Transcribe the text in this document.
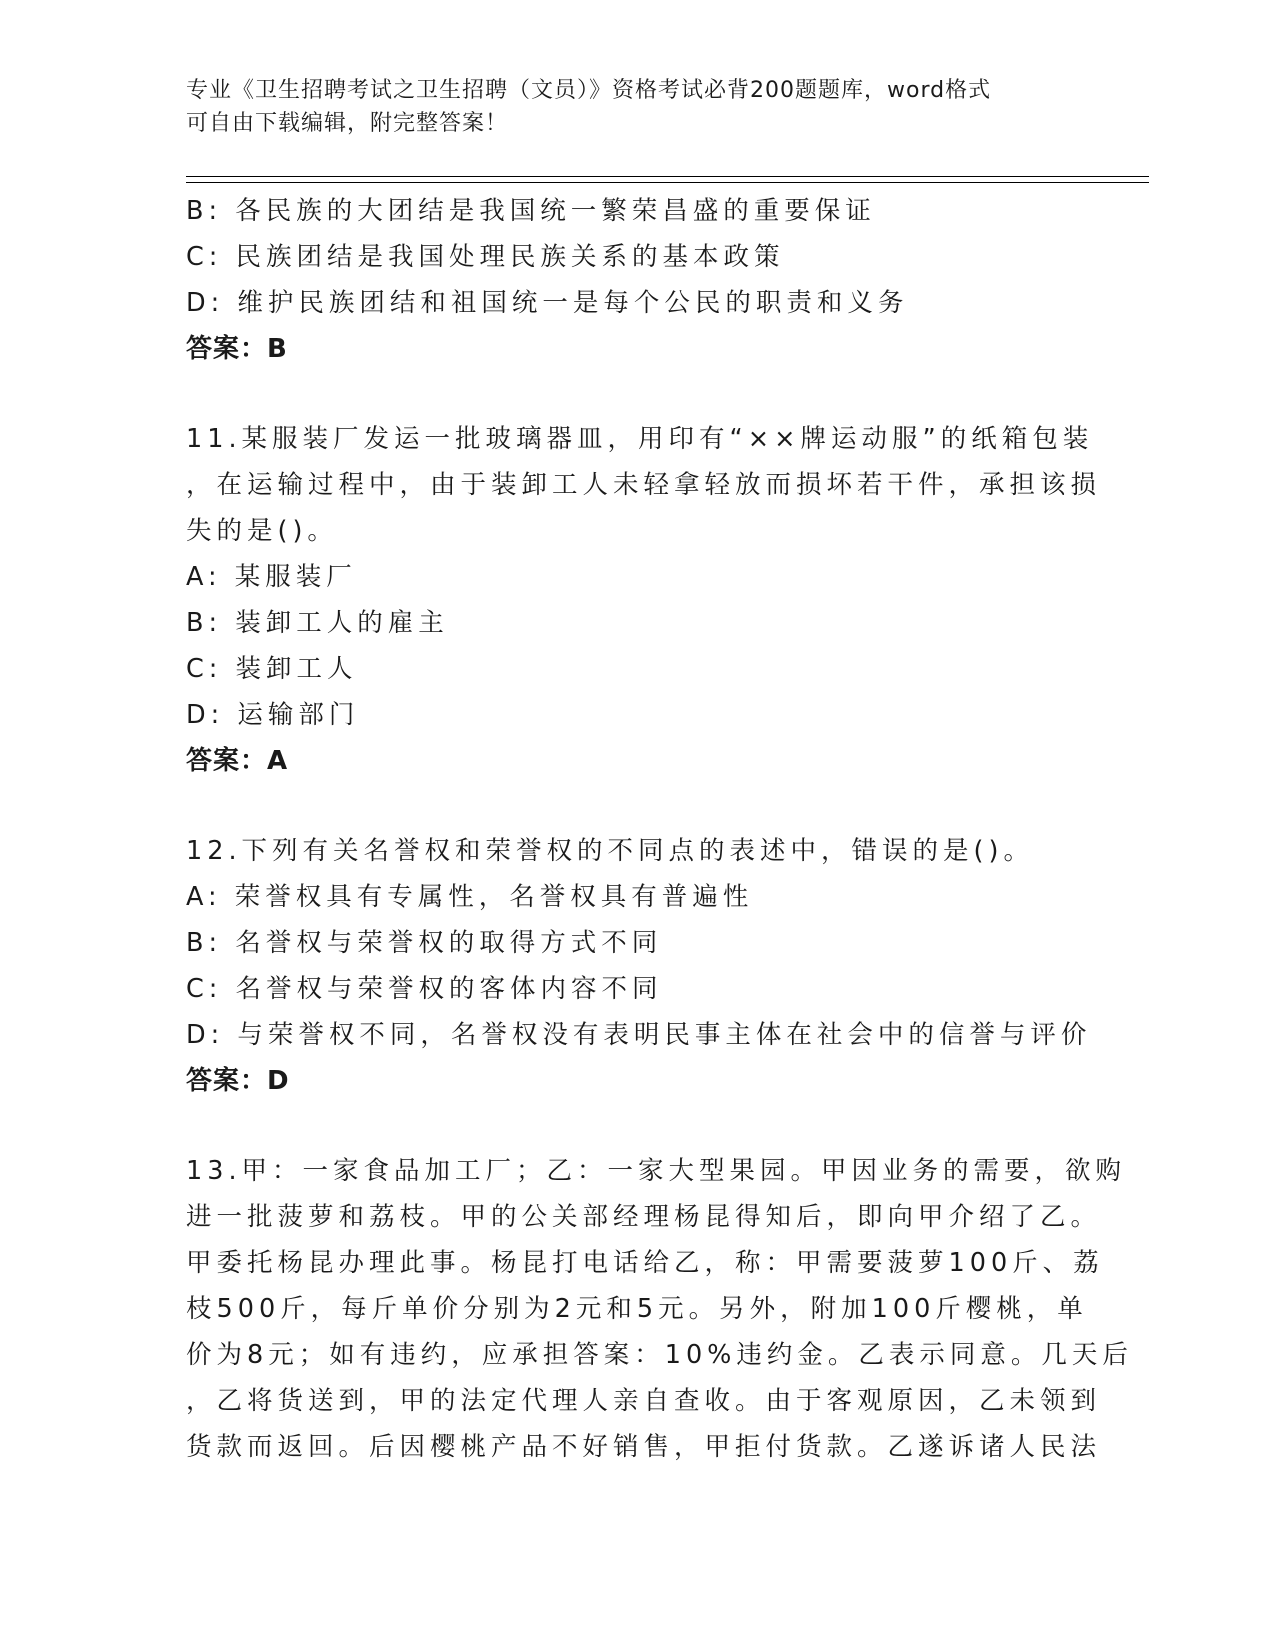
专业《卫生招聘考试之卫生招聘（文员）》资格考试必背200题题库，word格式
可自由下载编辑，附完整答案！
B: 各民族的大团结是我国统一繁荣昌盛的重要保证
C: 民族团结是我国处理民族关系的基本政策
D: 维护民族团结和祖国统一是每个公民的职责和义务
答案：B
11.某服装厂发运一批玻璃器皿，用印有“××牌运动服”的纸箱包装
，在运输过程中，由于装卸工人未轻拿轻放而损坏若干件，承担该损
失的是()。
A: 某服装厂
B: 装卸工人的雇主
C: 装卸工人
D: 运输部门
答案：A
12.下列有关名誉权和荣誉权的不同点的表述中，错误的是()。
A: 荣誉权具有专属性，名誉权具有普遍性
B: 名誉权与荣誉权的取得方式不同
C: 名誉权与荣誉权的客体内容不同
D: 与荣誉权不同，名誉权没有表明民事主体在社会中的信誉与评价
答案：D
13.甲：一家食品加工厂；乙：一家大型果园。甲因业务的需要，欲购
进一批菠萝和荔枝。甲的公关部经理杨昆得知后，即向甲介绍了乙。
甲委托杨昆办理此事。杨昆打电话给乙，称：甲需要菠萝100斤、荔
枝500斤，每斤单价分别为2元和5元。另外，附加100斤樱桃，单
价为8元；如有违约，应承担答案：10%违约金。乙表示同意。几天后
，乙将货送到，甲的法定代理人亲自查收。由于客观原因，乙未领到
货款而返回。后因樱桃产品不好销售，甲拒付货款。乙遂诉诸人民法
